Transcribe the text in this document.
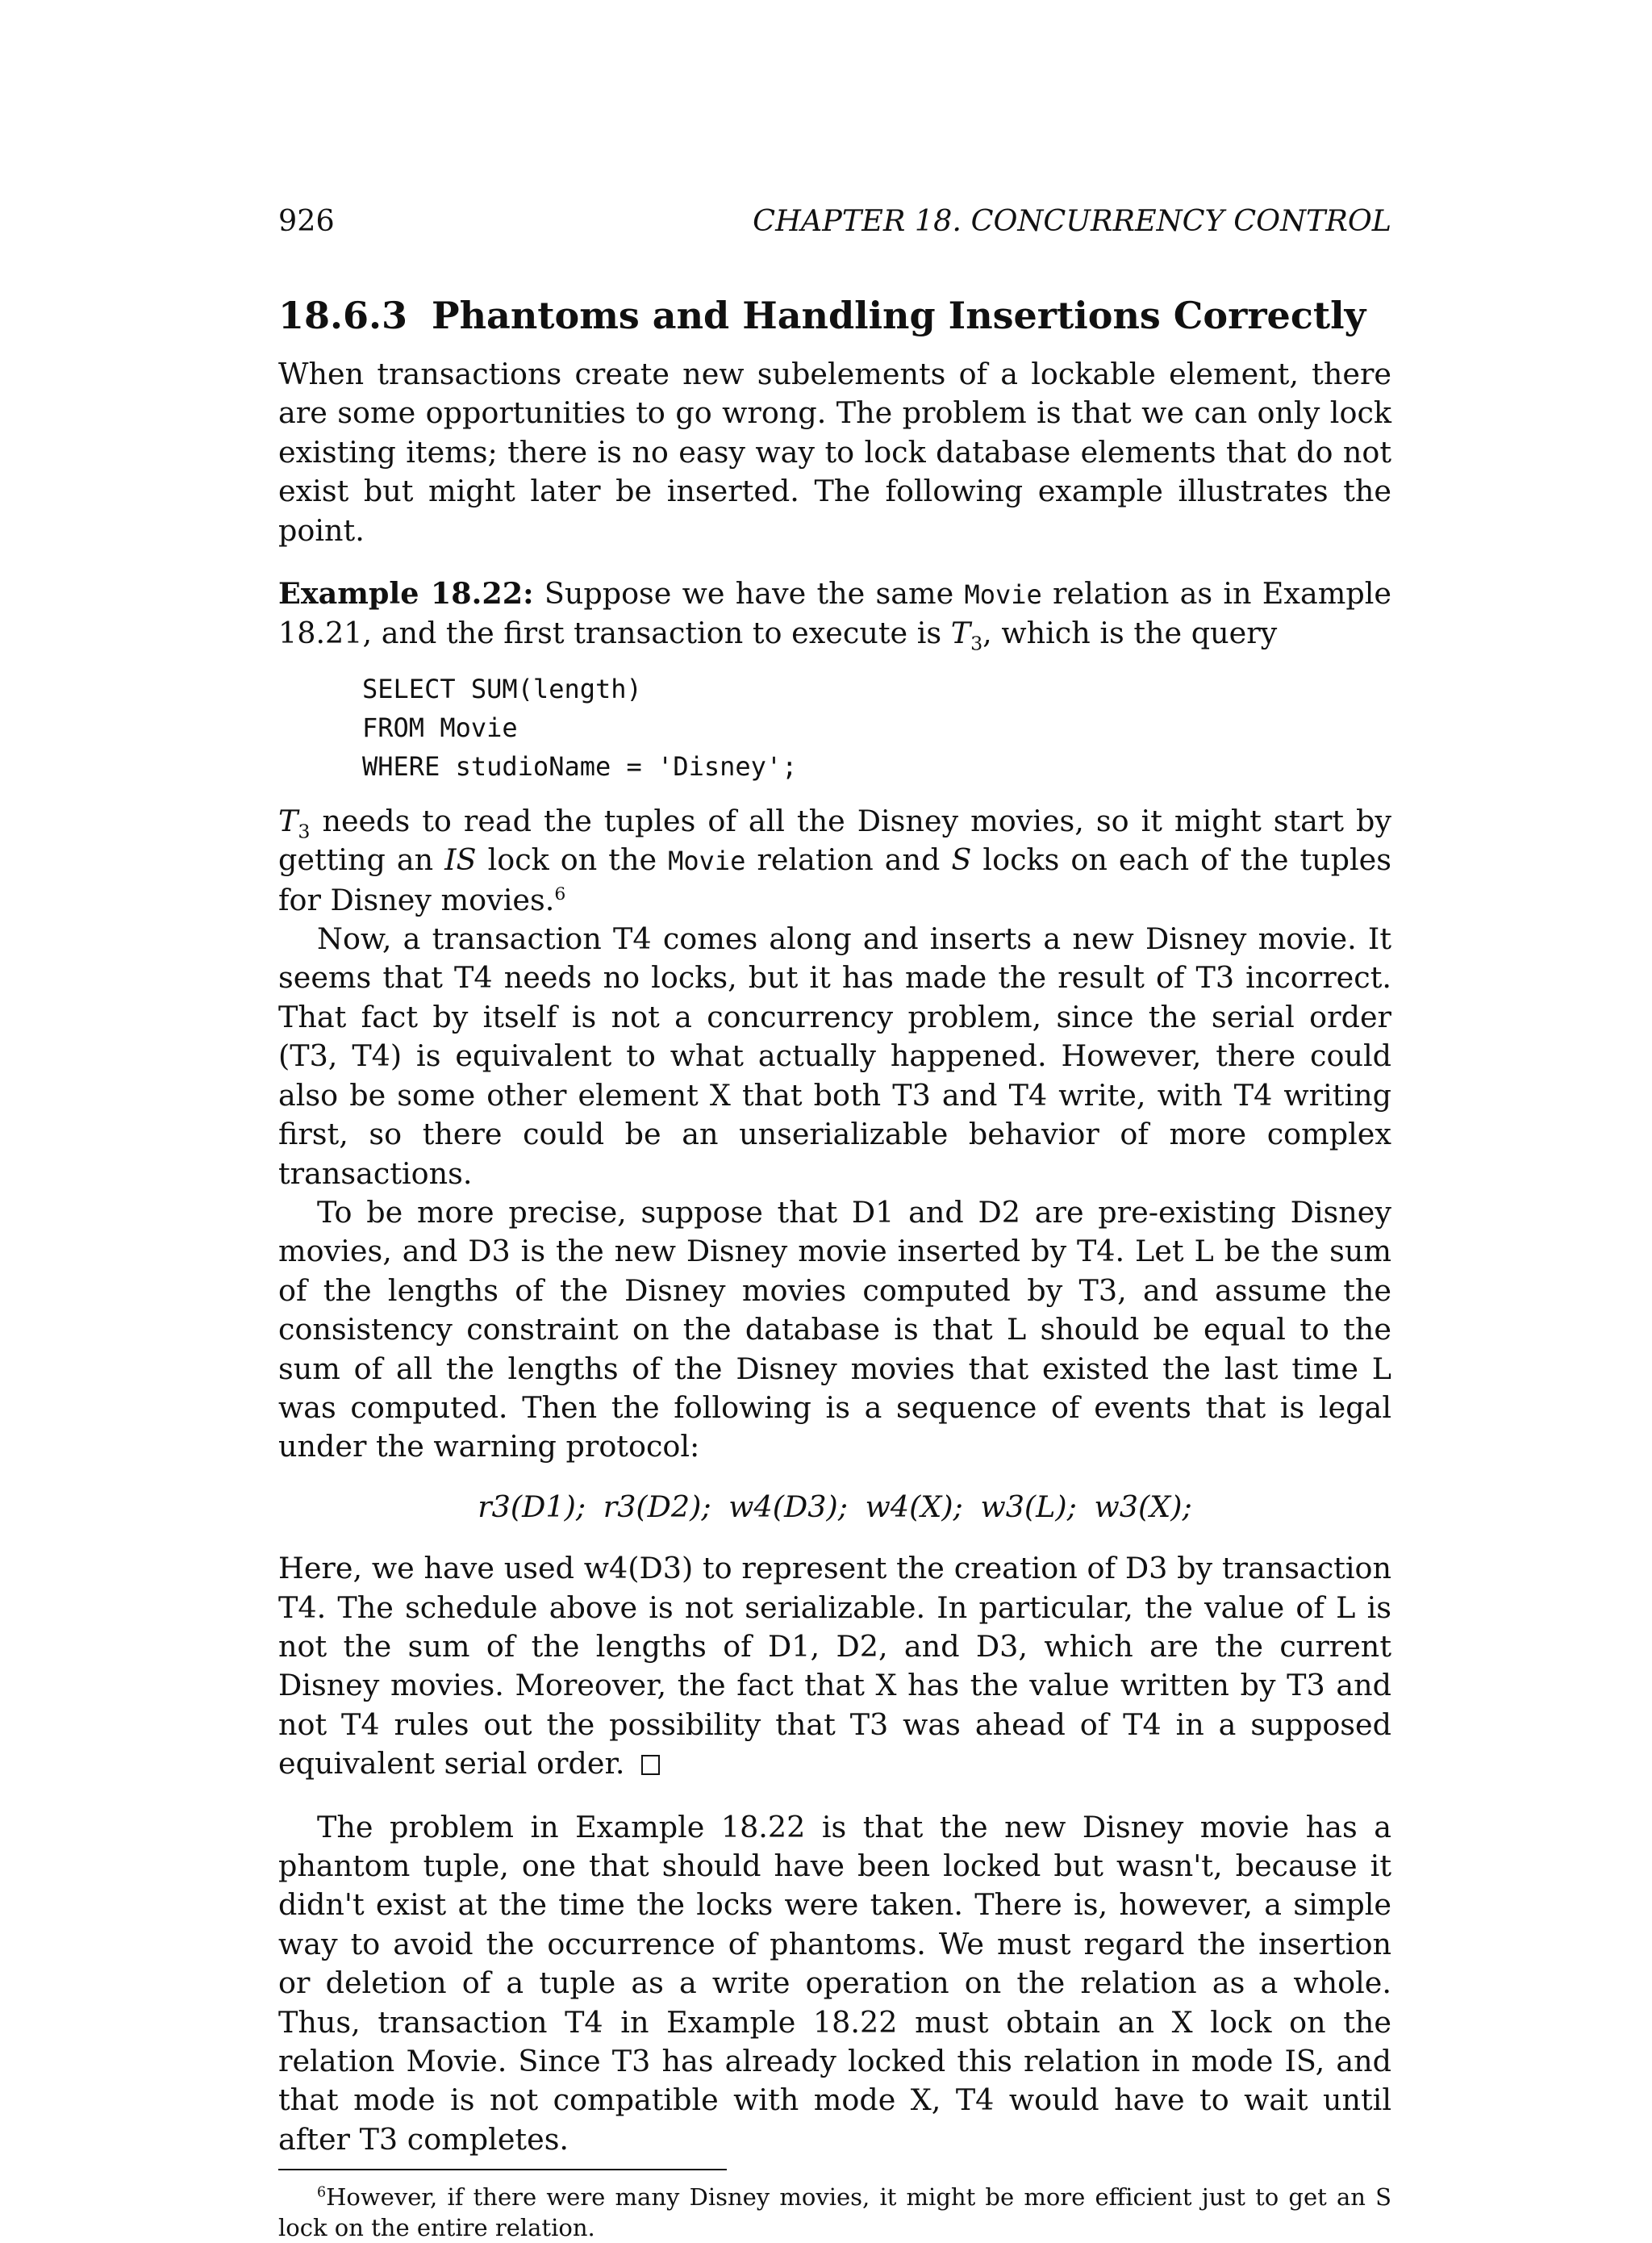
926	CHAPTER 18. CONCURRENCY CONTROL
18.6.3 Phantoms and Handling Insertions Correctly

When transactions create new subelements of a lockable element, there are some opportunities to go wrong. The problem is that we can only lock existing items; there is no easy way to lock database elements that do not exist but might later be inserted. The following example illustrates the point.

Example 18.22: Suppose we have the same Movie relation as in Example 18.21, and the first transaction to execute is $T_3$, which is the query

SELECT SUM(length)
FROM Movie
WHERE studioName = 'Disney';

$T_3$ needs to read the tuples of all the Disney movies, so it might start by getting an IS lock on the Movie relation and S locks on each of the tuples for Disney movies.$^6$

Now, a transaction T4 comes along and inserts a new Disney movie. It seems that T4 needs no locks, but it has made the result of T3 incorrect. That fact by itself is not a concurrency problem, since the serial order (T3, T4) is equivalent to what actually happened. However, there could also be some other element X that both T3 and T4 write, with T4 writing first, so there could be an unserializable behavior of more complex transactions.

To be more precise, suppose that D1 and D2 are pre-existing Disney movies, and D3 is the new Disney movie inserted by T4. Let L be the sum of the lengths of the Disney movies computed by T3, and assume the consistency constraint on the database is that L should be equal to the sum of all the lengths of the Disney movies that existed the last time L was computed. Then the following is a sequence of events that is legal under the warning protocol:

r3(D1); r3(D2); w4(D3); w4(X); w3(L); w3(X);

Here, we have used w4(D3) to represent the creation of D3 by transaction T4. The schedule above is not serializable. In particular, the value of L is not the sum of the lengths of D1, D2, and D3, which are the current Disney movies. Moreover, the fact that X has the value written by T3 and not T4 rules out the possibility that T3 was ahead of T4 in a supposed equivalent serial order.

The problem in Example 18.22 is that the new Disney movie has a phantom tuple, one that should have been locked but wasn't, because it didn't exist at the time the locks were taken. There is, however, a simple way to avoid the occurrence of phantoms. We must regard the insertion or deletion of a tuple as a write operation on the relation as a whole. Thus, transaction T4 in Example 18.22 must obtain an X lock on the relation Movie. Since T3 has already locked this relation in mode IS, and that mode is not compatible with mode X, T4 would have to wait until after T3 completes.

$^6$However, if there were many Disney movies, it might be more efficient just to get an S lock on the entire relation.
